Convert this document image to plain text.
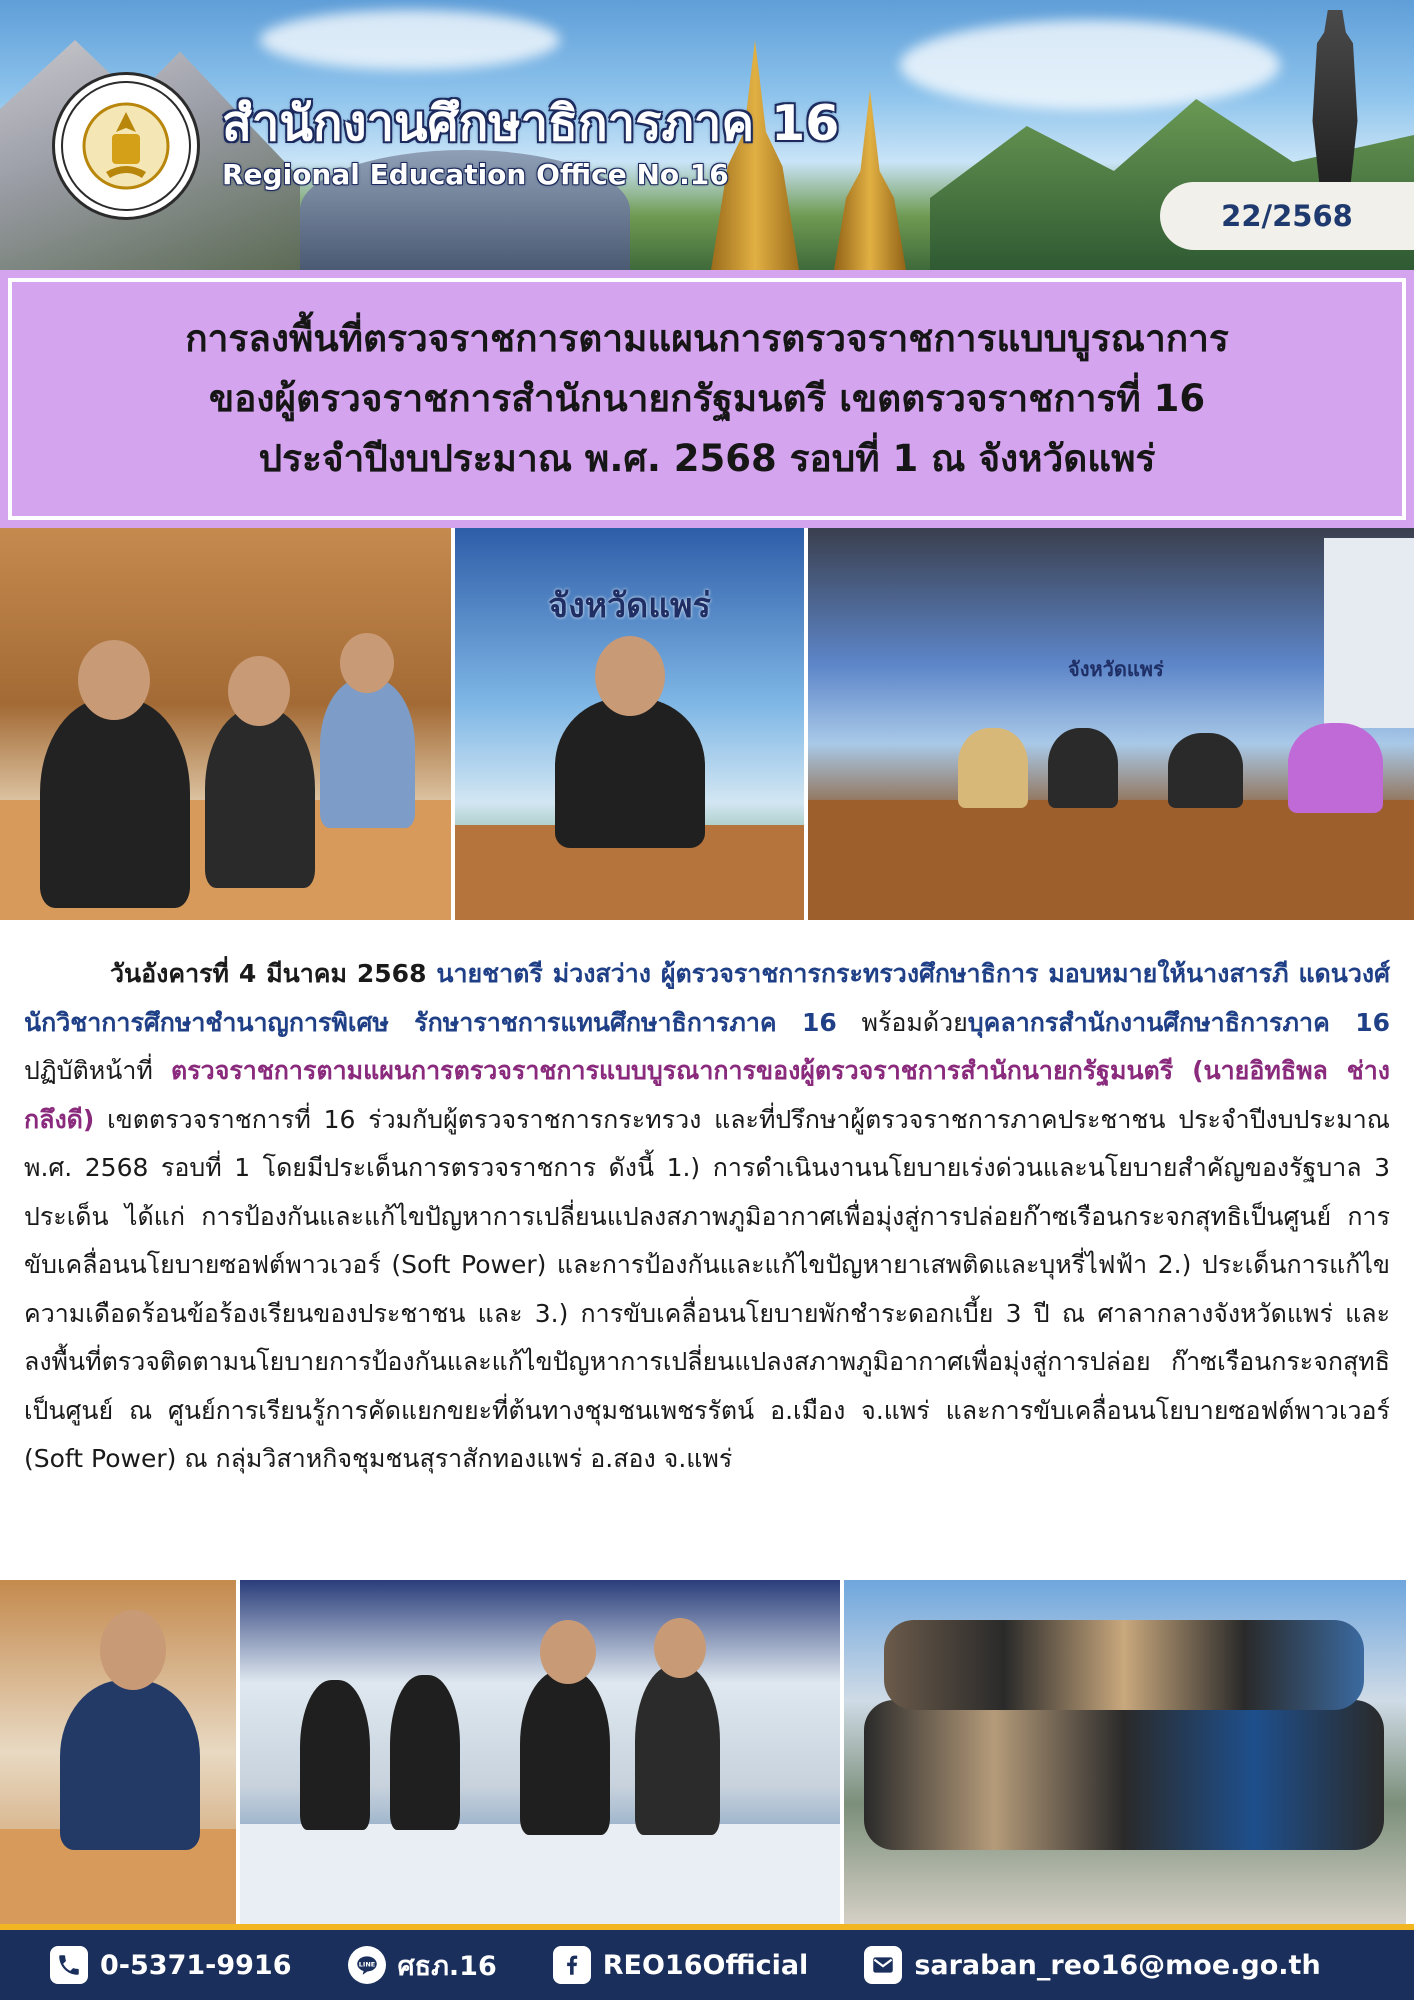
สำนักงานศึกษาธิการภาค 16
Regional Education Office No.16
22/2568

การลงพื้นที่ตรวจราชการตามแผนการตรวจราชการแบบบูรณาการ

ของผู้ตรวจราชการสำนักนายกรัฐมนตรี เขตตรวจราชการที่ 16

ประจำปีงบประมาณ พ.ศ. 2568 รอบที่ 1 ณ จังหวัดแพร่

จังหวัดแพร่
จังหวัดแพร่

วันอังคารที่ 4 มีนาคม 2568 นายชาตรี ม่วงสว่าง ผู้ตรวจราชการกระทรวงศึกษาธิการ มอบหมายให้นางสารภี แดนวงศ์ นักวิชาการศึกษาชำนาญการพิเศษ รักษาราชการแทนศึกษาธิการภาค 16 พร้อมด้วยบุคลากรสำนักงานศึกษาธิการภาค 16 ปฏิบัติหน้าที่ ตรวจราชการตามแผนการตรวจราชการแบบบูรณาการของผู้ตรวจราชการสำนักนายกรัฐมนตรี (นายอิทธิพล ช่างกลึงดี) เขตตรวจราชการที่ 16 ร่วมกับผู้ตรวจราชการกระทรวง และที่ปรึกษาผู้ตรวจราชการภาคประชาชน ประจำปีงบประมาณ พ.ศ. 2568 รอบที่ 1 โดยมีประเด็นการตรวจราชการ ดังนี้ 1.) การดำเนินงานนโยบายเร่งด่วนและนโยบายสำคัญของรัฐบาล 3 ประเด็น ได้แก่ การป้องกันและแก้ไขปัญหาการเปลี่ยนแปลงสภาพภูมิอากาศเพื่อมุ่งสู่การปล่อยก๊าซเรือนกระจกสุทธิเป็นศูนย์ การขับเคลื่อนนโยบายซอฟต์พาวเวอร์ (Soft Power) และการป้องกันและแก้ไขปัญหายาเสพติดและบุหรี่ไฟฟ้า 2.) ประเด็นการแก้ไขความเดือดร้อนข้อร้องเรียนของประชาชน และ 3.) การขับเคลื่อนนโยบายพักชำระดอกเบี้ย 3 ปี ณ ศาลากลางจังหวัดแพร่ และลงพื้นที่ตรวจติดตามนโยบายการป้องกันและแก้ไขปัญหาการเปลี่ยนแปลงสภาพภูมิอากาศเพื่อมุ่งสู่การปล่อย ก๊าซเรือนกระจกสุทธิเป็นศูนย์ ณ ศูนย์การเรียนรู้การคัดแยกขยะที่ต้นทางชุมชนเพชรรัตน์ อ.เมือง จ.แพร่ และการขับเคลื่อนนโยบายซอฟต์พาวเวอร์ (Soft Power) ณ กลุ่มวิสาหกิจชุมชนสุราสักทองแพร่ อ.สอง จ.แพร่

0-5371-9916	LINE ศธภ.16	REO16Official	saraban_reo16@moe.go.th
